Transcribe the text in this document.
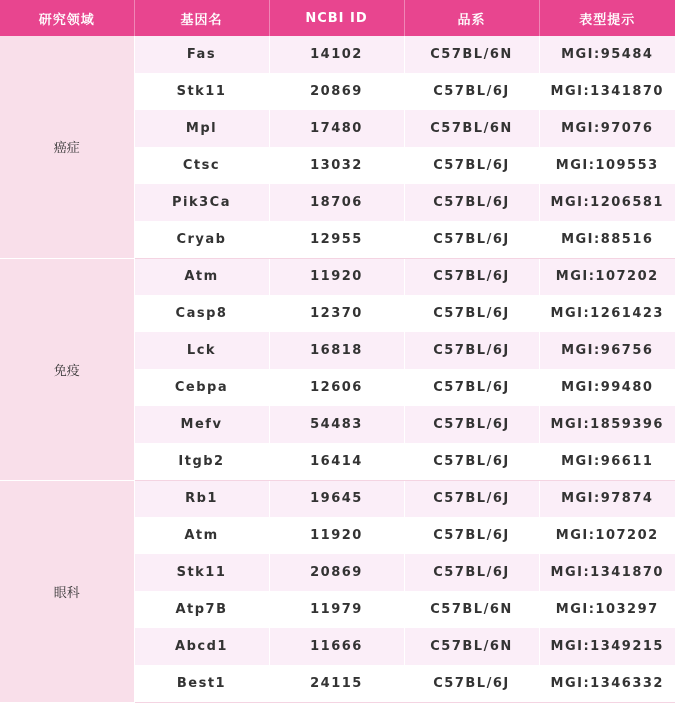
研究领域	基因名	NCBI ID	品系	表型提示
癌症	Fas	14102	C57BL/6N	MGI:95484
	Stk11	20869	C57BL/6J	MGI:1341870
	Mpl	17480	C57BL/6N	MGI:97076
	Ctsc	13032	C57BL/6J	MGI:109553
	Pik3Ca	18706	C57BL/6J	MGI:1206581
	Cryab	12955	C57BL/6J	MGI:88516
免疫	Atm	11920	C57BL/6J	MGI:107202
	Casp8	12370	C57BL/6J	MGI:1261423
	Lck	16818	C57BL/6J	MGI:96756
	Cebpa	12606	C57BL/6J	MGI:99480
	Mefv	54483	C57BL/6J	MGI:1859396
	Itgb2	16414	C57BL/6J	MGI:96611
眼科	Rb1	19645	C57BL/6J	MGI:97874
	Atm	11920	C57BL/6J	MGI:107202
	Stk11	20869	C57BL/6J	MGI:1341870
	Atp7B	11979	C57BL/6N	MGI:103297
	Abcd1	11666	C57BL/6N	MGI:1349215
	Best1	24115	C57BL/6J	MGI:1346332
